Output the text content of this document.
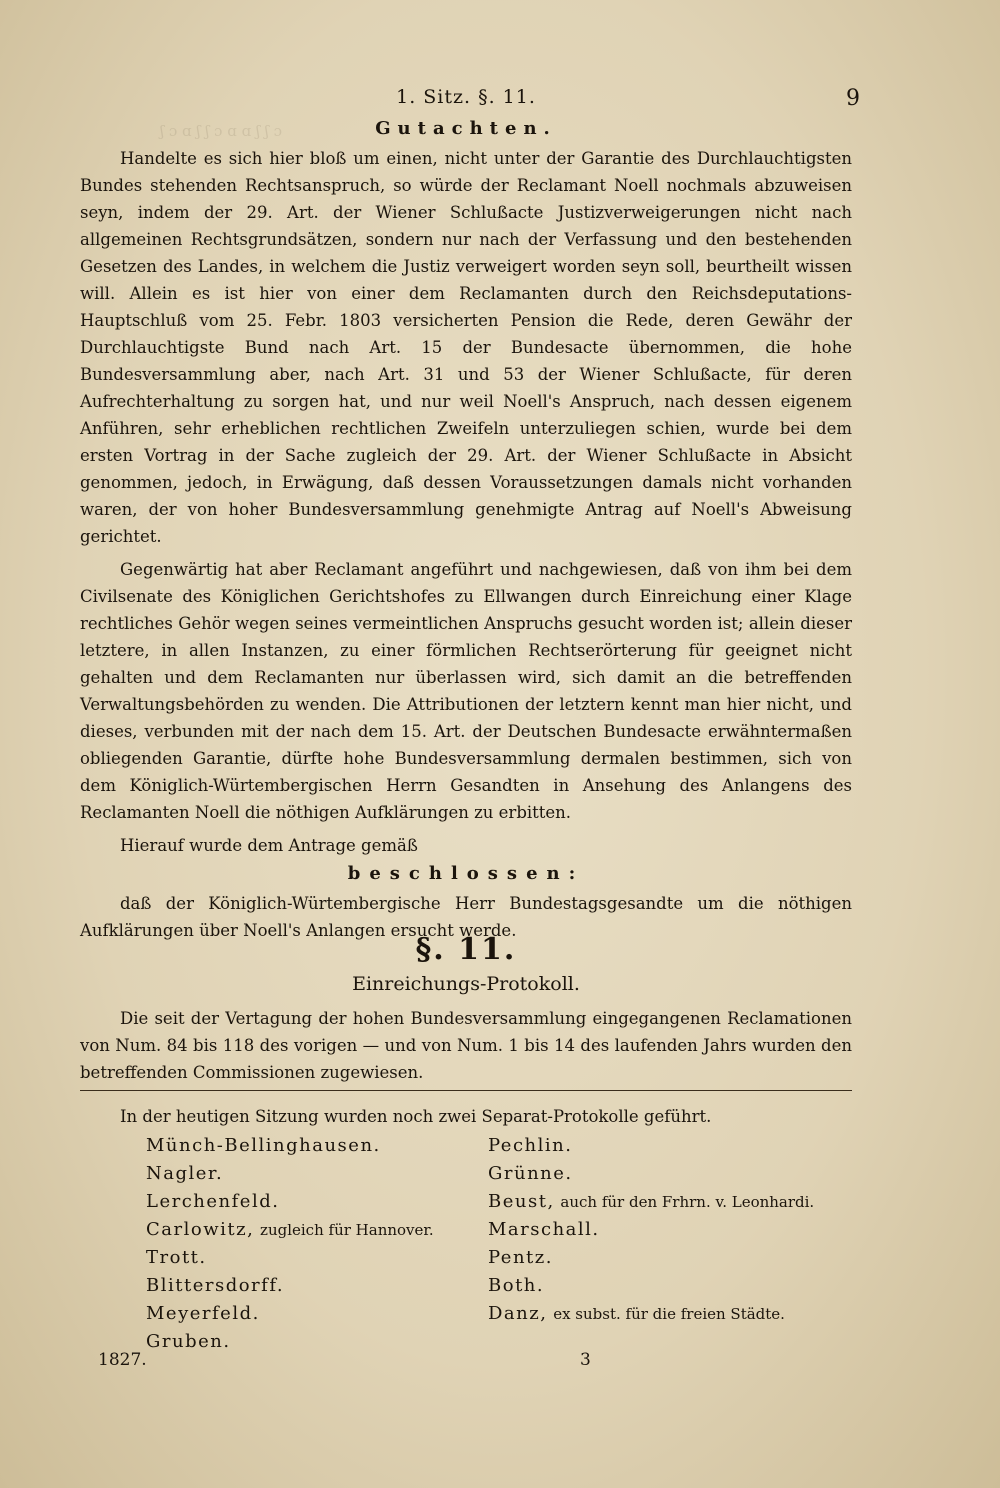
ʃ ɔ ɑ ʃ ʃ ɔ ɑ ɑ ʃ ʃ ɔ
1. Sitz. §. 11.	9
Gutachten.

Handelte es sich hier bloß um einen, nicht unter der Garantie des Durchlauchtigsten Bundes stehenden Rechtsanspruch, so würde der Reclamant Noell nochmals abzuweisen seyn, indem der 29. Art. der Wiener Schlußacte Justizverweigerungen nicht nach allgemeinen Rechtsgrundsätzen, sondern nur nach der Verfassung und den bestehenden Gesetzen des Landes, in welchem die Justiz verweigert worden seyn soll, beurtheilt wissen will. Allein es ist hier von einer dem Reclamanten durch den Reichsdeputations-Hauptschluß vom 25. Febr. 1803 versicherten Pension die Rede, deren Gewähr der Durchlauchtigste Bund nach Art. 15 der Bundesacte übernommen, die hohe Bundesversammlung aber, nach Art. 31 und 53 der Wiener Schlußacte, für deren Aufrechterhaltung zu sorgen hat, und nur weil Noell's Anspruch, nach dessen eigenem Anführen, sehr erheblichen rechtlichen Zweifeln unterzuliegen schien, wurde bei dem ersten Vortrag in der Sache zugleich der 29. Art. der Wiener Schlußacte in Absicht genommen, jedoch, in Erwägung, daß dessen Voraussetzungen damals nicht vorhanden waren, der von hoher Bundesversammlung genehmigte Antrag auf Noell's Abweisung gerichtet.

Gegenwärtig hat aber Reclamant angeführt und nachgewiesen, daß von ihm bei dem Civilsenate des Königlichen Gerichtshofes zu Ellwangen durch Einreichung einer Klage rechtliches Gehör wegen seines vermeintlichen Anspruchs gesucht worden ist; allein dieser letztere, in allen Instanzen, zu einer förmlichen Rechtserörterung für geeignet nicht gehalten und dem Reclamanten nur überlassen wird, sich damit an die betreffenden Verwaltungsbehörden zu wenden. Die Attributionen der letztern kennt man hier nicht, und dieses, verbunden mit der nach dem 15. Art. der Deutschen Bundesacte erwähntermaßen obliegenden Garantie, dürfte hohe Bundesversammlung dermalen bestimmen, sich von dem Königlich-Würtembergischen Herrn Gesandten in Ansehung des Anlangens des Reclamanten Noell die nöthigen Aufklärungen zu erbitten.

Hierauf wurde dem Antrage gemäß

beschlossen:

daß der Königlich-Würtembergische Herr Bundestagsgesandte um die nöthigen Aufklärungen über Noell's Anlangen ersucht werde.

§. 11.
Einreichungs-Protokoll.

Die seit der Vertagung der hohen Bundesversammlung eingegangenen Reclamationen von Num. 84 bis 118 des vorigen — und von Num. 1 bis 14 des laufenden Jahrs wurden den betreffenden Commissionen zugewiesen.

In der heutigen Sitzung wurden noch zwei Separat-Protokolle geführt.

Münch-Bellinghausen.
Nagler.
Lerchenfeld.
Carlowitz, zugleich für Hannover.
Trott.
Blittersdorff.
Meyerfeld.
Gruben.
Pechlin.
Grünne.
Beust, auch für den Frhrn. v. Leonhardi.
Marschall.
Pentz.
Both.
Danz, ex subst. für die freien Städte.
1827.	3
